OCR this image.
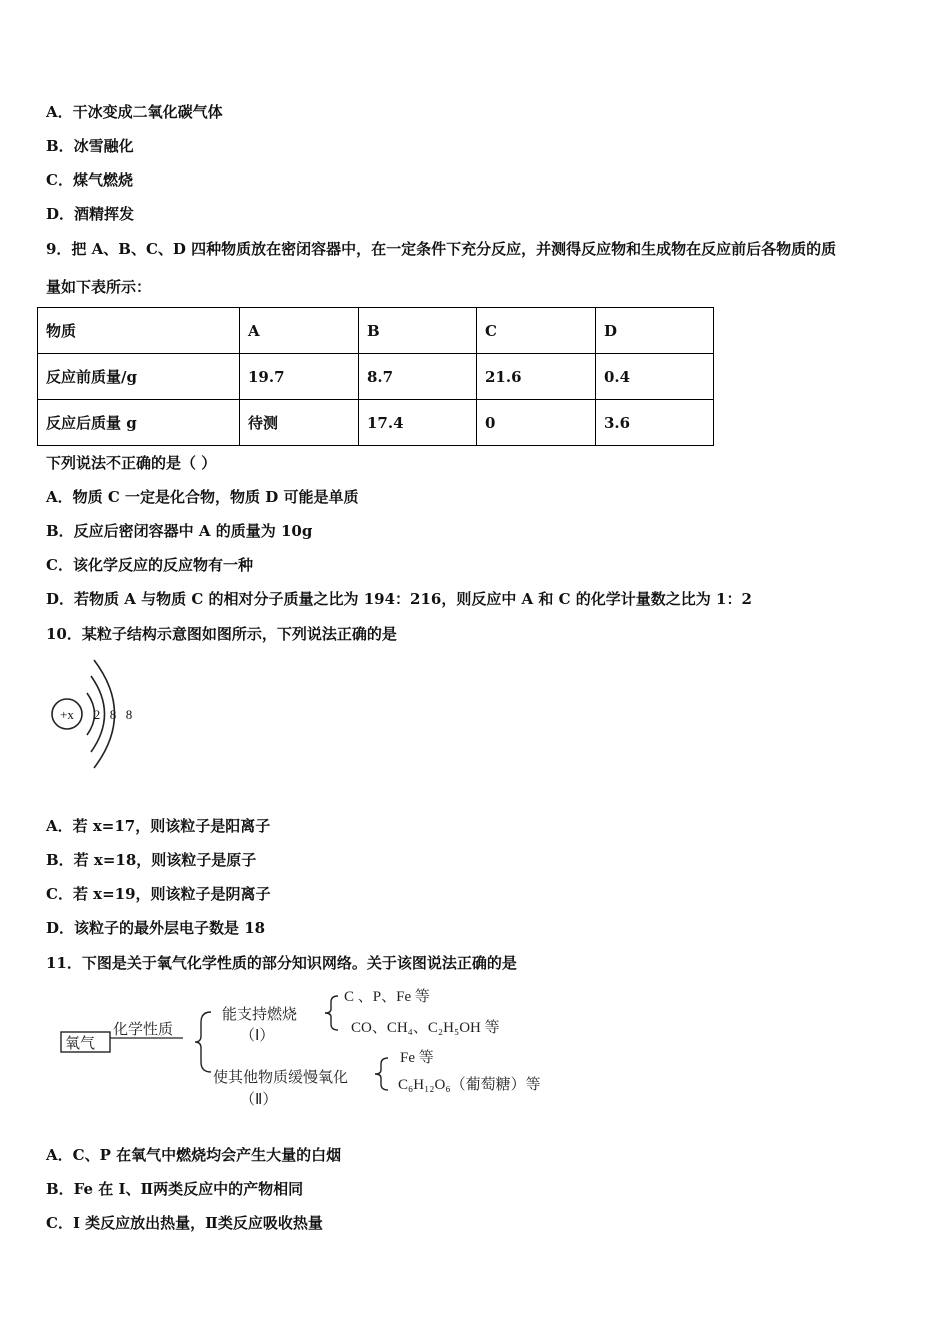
A．干冰变成二氧化碳气体
B．冰雪融化
C．煤气燃烧
D．酒精挥发
9．把 A、B、C、D 四种物质放在密闭容器中，在一定条件下充分反应，并测得反应物和生成物在反应前后各物质的质
量如下表所示：
物质	A	B	C	D
反应前质量/g	19.7	8.7	21.6	0.4
反应后质量 g	待测	17.4	0	3.6
下列说法不正确的是（ ）
A．物质 C 一定是化合物，物质 D 可能是单质
B．反应后密闭容器中 A 的质量为 10g
C．该化学反应的反应物有一种
D．若物质 A 与物质 C 的相对分子质量之比为 194：216，则反应中 A 和 C 的化学计量数之比为 1：2
10．某粒子结构示意图如图所示，下列说法正确的是
+x 2 8 8
A．若 x=17，则该粒子是阳离子
B．若 x=18，则该粒子是原子
C．若 x=19，则该粒子是阴离子
D．该粒子的最外层电子数是 18
11．下图是关于氧气化学性质的部分知识网络。关于该图说法正确的是
氧气
化学性质
能支持燃烧
（Ⅰ）
C 、P、Fe 等
CO、CH₄、C₂H₅OH 等
使其他物质缓慢氧化
（Ⅱ）
Fe 等
C₆H₁₂O₆（葡萄糖）等
A．C、P 在氧气中燃烧均会产生大量的白烟
B．Fe 在 I、Ⅱ两类反应中的产物相同
C．I 类反应放出热量，Ⅱ类反应吸收热量
